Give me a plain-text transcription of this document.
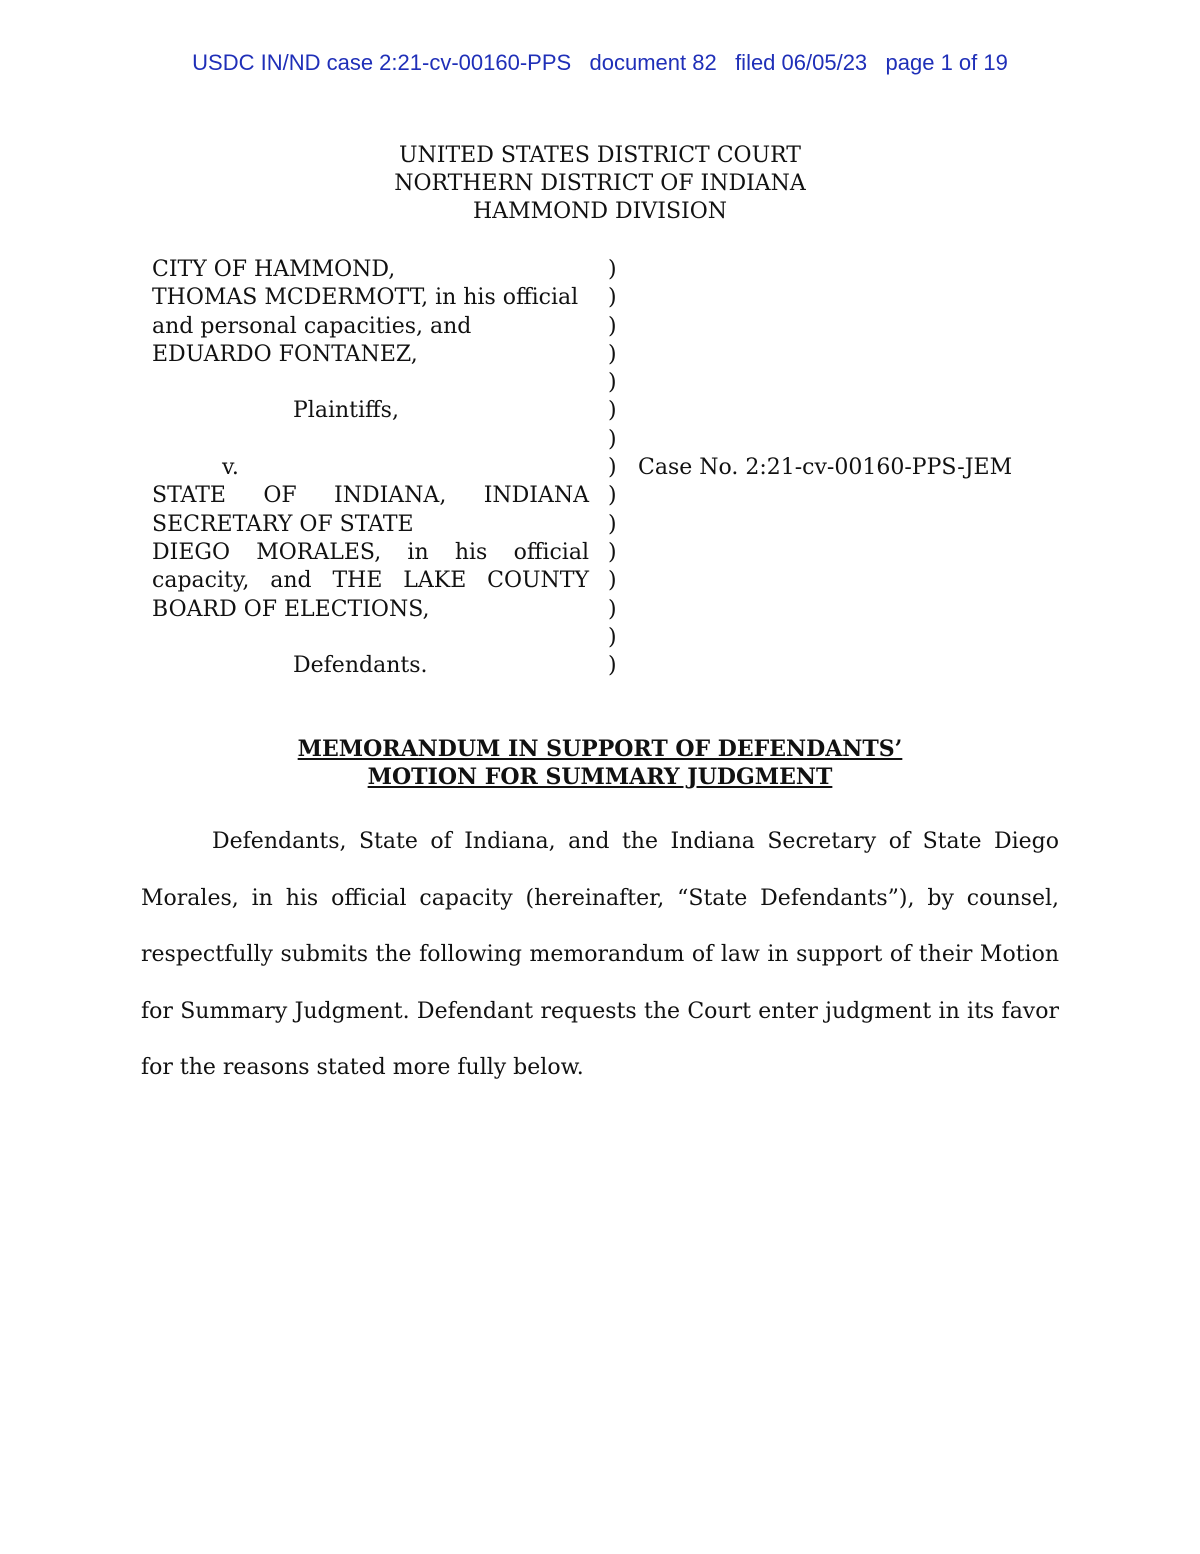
USDC IN/ND case 2:21-cv-00160-PPS document 82 filed 06/05/23 page 1 of 19
UNITED STATES DISTRICT COURT
NORTHERN DISTRICT OF INDIANA
HAMMOND DIVISION
CITY OF HAMMOND,
THOMAS MCDERMOTT, in his official
and personal capacities, and
EDUARDO FONTANEZ,
Plaintiffs,
v.
STATE OF INDIANA, INDIANA
SECRETARY OF STATE
DIEGO MORALES, in his official
capacity, and THE LAKE COUNTY
BOARD OF ELECTIONS,
Defendants.
)
)
)
)
)
)
)
)
)
)
)
)
)
)
)
Case No. 2:21-cv-00160-PPS-JEM
MEMORANDUM IN SUPPORT OF DEFENDANTS’
MOTION FOR SUMMARY JUDGMENT
Defendants, State of Indiana, and the Indiana Secretary of State Diego Morales, in his official capacity (hereinafter, “State Defendants”), by counsel, respectfully submits the following memorandum of law in support of their Motion for Summary Judgment. Defendant requests the Court enter judgment in its favor for the reasons stated more fully below.
